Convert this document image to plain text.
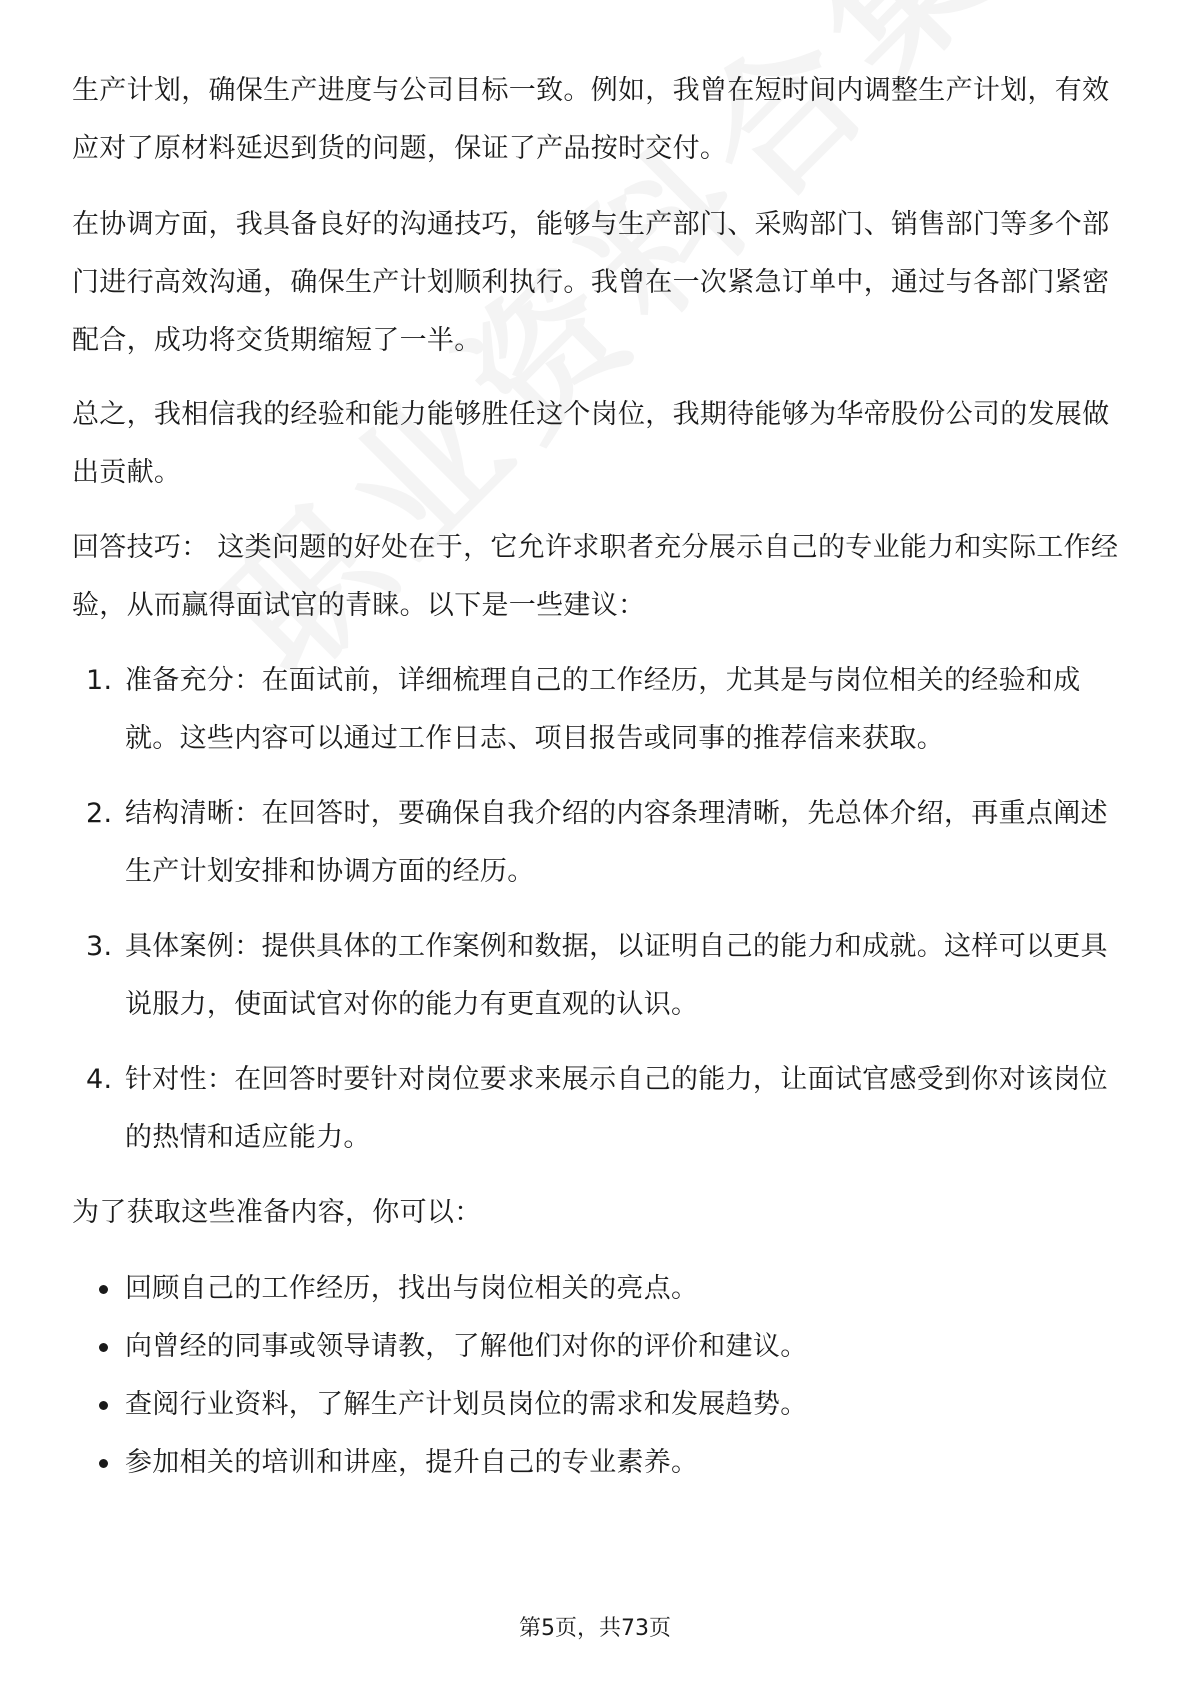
生产计划，确保生产进度与公司目标一致。例如，我曾在短时间内调整生产计划，有效应对了原材料延迟到货的问题，保证了产品按时交付。

在协调方面，我具备良好的沟通技巧，能够与生产部门、采购部门、销售部门等多个部门进行高效沟通，确保生产计划顺利执行。我曾在一次紧急订单中，通过与各部门紧密配合，成功将交货期缩短了一半。

总之，我相信我的经验和能力能够胜任这个岗位，我期待能够为华帝股份公司的发展做出贡献。

回答技巧： 这类问题的好处在于，它允许求职者充分展示自己的专业能力和实际工作经验，从而赢得面试官的青睐。以下是一些建议：

1. 准备充分：在面试前，详细梳理自己的工作经历，尤其是与岗位相关的经验和成就。这些内容可以通过工作日志、项目报告或同事的推荐信来获取。
2. 结构清晰：在回答时，要确保自我介绍的内容条理清晰，先总体介绍，再重点阐述生产计划安排和协调方面的经历。
3. 具体案例：提供具体的工作案例和数据，以证明自己的能力和成就。这样可以更具说服力，使面试官对你的能力有更直观的认识。
4. 针对性：在回答时要针对岗位要求来展示自己的能力，让面试官感受到你对该岗位的热情和适应能力。

为了获取这些准备内容，你可以：

回顾自己的工作经历，找出与岗位相关的亮点。
向曾经的同事或领导请教，了解他们对你的评价和建议。
查阅行业资料，了解生产计划员岗位的需求和发展趋势。
参加相关的培训和讲座，提升自己的专业素养。
第5页，共73页
